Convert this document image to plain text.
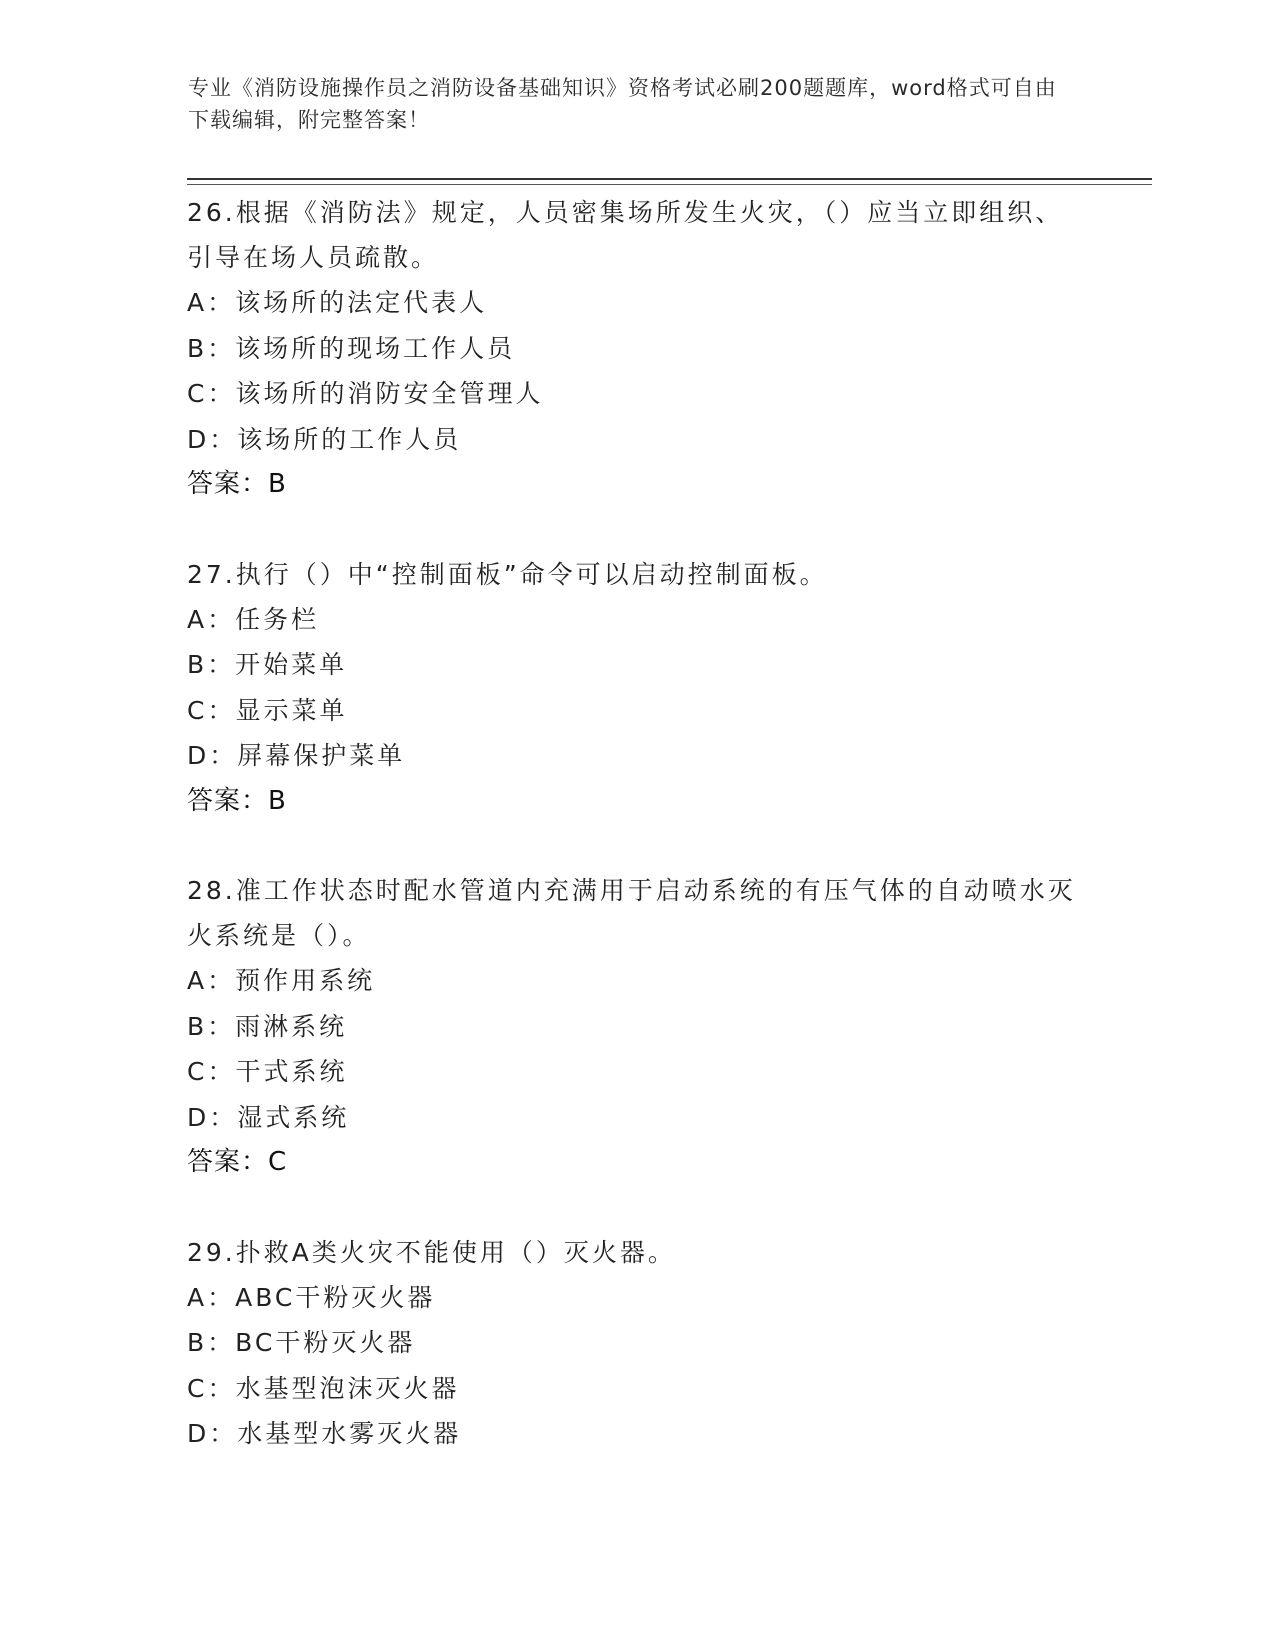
专业《消防设施操作员之消防设备基础知识》资格考试必刷200题题库，word格式可自由下载编辑，附完整答案！
26.根据《消防法》规定，人员密集场所发生火灾，（）应当立即组织、引导在场人员疏散。
A：该场所的法定代表人
B：该场所的现场工作人员
C：该场所的消防安全管理人
D：该场所的工作人员
答案：B
27.执行（）中“控制面板”命令可以启动控制面板。
A：任务栏
B：开始菜单
C：显示菜单
D：屏幕保护菜单
答案：B
28.准工作状态时配水管道内充满用于启动系统的有压气体的自动喷水灭火系统是（）。
A：预作用系统
B：雨淋系统
C：干式系统
D：湿式系统
答案：C
29.扑救A类火灾不能使用（）灭火器。
A：ABC干粉灭火器
B：BC干粉灭火器
C：水基型泡沫灭火器
D：水基型水雾灭火器
